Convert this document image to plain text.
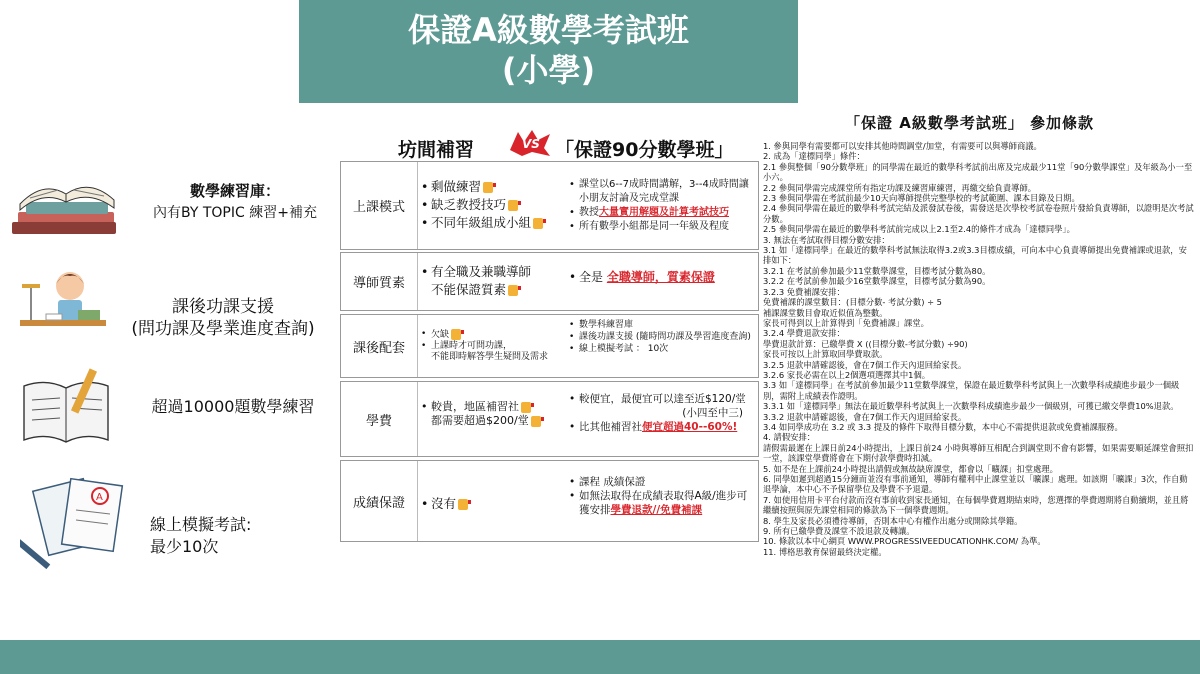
保證A級數學考試班
(小學)
坊間補習	VS 「保證90分數學班」
數學練習庫：
內有BY TOPIC 練習+補充
課後功課支援
(問功課及學業進度查詢)
超過10000題數學練習
A
線上模擬考試:
最少10次
上課模式
• 剩做練習
• 缺乏教授技巧
• 不同年級組成小組
• 課堂以6--7成時間講解，3--4成時間讓小朋友討論及完成堂課
• 教授大量實用解題及計算考試技巧
• 所有數學小組都是同一年級及程度
導師質素
• 有全職及兼職導師
不能保證質素
• 全是 全職導師，質素保證
課後配套
• 欠缺
• 上課時才可問功課，
不能即時解答學生疑問及需求
• 數學科練習庫
• 課後功課支援 (隨時問功課及學習進度查詢)
• 線上模擬考試 ： 10次
學費
• 較貴，地區補習社
都需要超過$200/堂
• 較便宜，最便宜可以達至近$120/堂
(小四至中三)
• 比其他補習社便宜超過40--60%!
成績保證
•	沒有
• 課程 成績保證
• 如無法取得在成績表取得A級/進步可獲安排學費退款//免費補課
「保證 A級數學考試班」 參加條款
1. 參與同學有需要都可以安排其他時間調堂/加堂，有需要可以與導師商議。
2. 成為「達標同學」條件：
2.1 參與整個「90分數學班」的同學需在最近的數學科考試前出席及完成最少11堂「90分數學課堂」及年級為小一至小六。
2.2 參與同學需完成課堂所有指定功課及練習庫練習，再繳交給負責導師。
2.3 參與同學需在考試前最少10天向導師提供完整學校的考試範圍、課本目錄及日期。
2.4 參與同學需在最近的數學科考試完結及派發試卷後，需發送是次學校考試卷卷照片發給負責導師，以證明是次考試分數。
2.5 參與同學需在最近的數學科考試前完成以上2.1至2.4的條件才成為「達標同學」。
3. 無法在考試取得目標分數安排：
3.1 如「達標同學」在最近的數學科考試無法取得3.2或3.3目標成績，可向本中心負責導師提出免費補課或退款，安排如下：
3.2.1 在考試前參加最少11堂數學課堂，目標考試分數為80。
3.2.2 在考試前參加最少16堂數學課堂，目標考試分數為90。
3.2.3 免費補課安排：
免費補課的課堂數目：(目標分數- 考試分數) ÷ 5
補課課堂數目會取近似值為整數。
家長可得到以上計算得到「免費補課」課堂。
3.2.4 學費退款安排：
學費退款計算：已繳學費 X ((目標分數-考試分數) ÷90)
家長可按以上計算取回學費取款。
3.2.5 退款申請確認後，會在7個工作天內退回給家長。
3.2.6 家長必需在以上2個選項選擇其中1個。
3.3 如「達標同學」在考試前參加最少11堂數學課堂，保證在最近數學科考試與上一次數學科成績進步最少一個級別，需附上成績表作證明。
3.3.1 如「達標同學」無法在最近數學科考試與上一次數學科成績進步最少一個級別，可獲已繳交學費10%退款。
3.3.2 退款申請確認後，會在7個工作天內退回給家長。
3.4 如同學成功在 3.2 或 3.3 提及的條件下取得目標分數，本中心不需提供退款或免費補課服務。
4. 請假安排：
請假需最遲在上課日前24小時提出，上課日前24 小時與導師互相配合到調堂則不會有影響，如果需要順延課堂會照扣一堂，該課堂學費將會在下期付款學費時扣減。
5. 如不是在上課前24小時提出請假或無故缺席課堂，都會以「曠課」扣堂處理。
6. 同學如遲到超過15分鐘而並沒有事前通知，導師有權利中止課堂並以「曠課」處理。如該期「曠課」3次，作自動退學論，本中心不予保留學位及學費不予退還。
7. 如使用信用卡平台付款而沒有事前收到家長通知，在每個學費週期結束時，您選擇的學費週期將自動續期，並且將繼續按照與原先課堂相同的條款為下一個學費週期。
8. 學生及家長必須禮待導師，否則本中心有權作出處分或開除其學籍。
9. 所有已繳學費及課堂不設退款及轉讓。
10. 條款以本中心網頁 WWW.PROGRESSIVEEDUCATIONHK.COM/ 為準。
11. 博格思教育保留最終決定權。
